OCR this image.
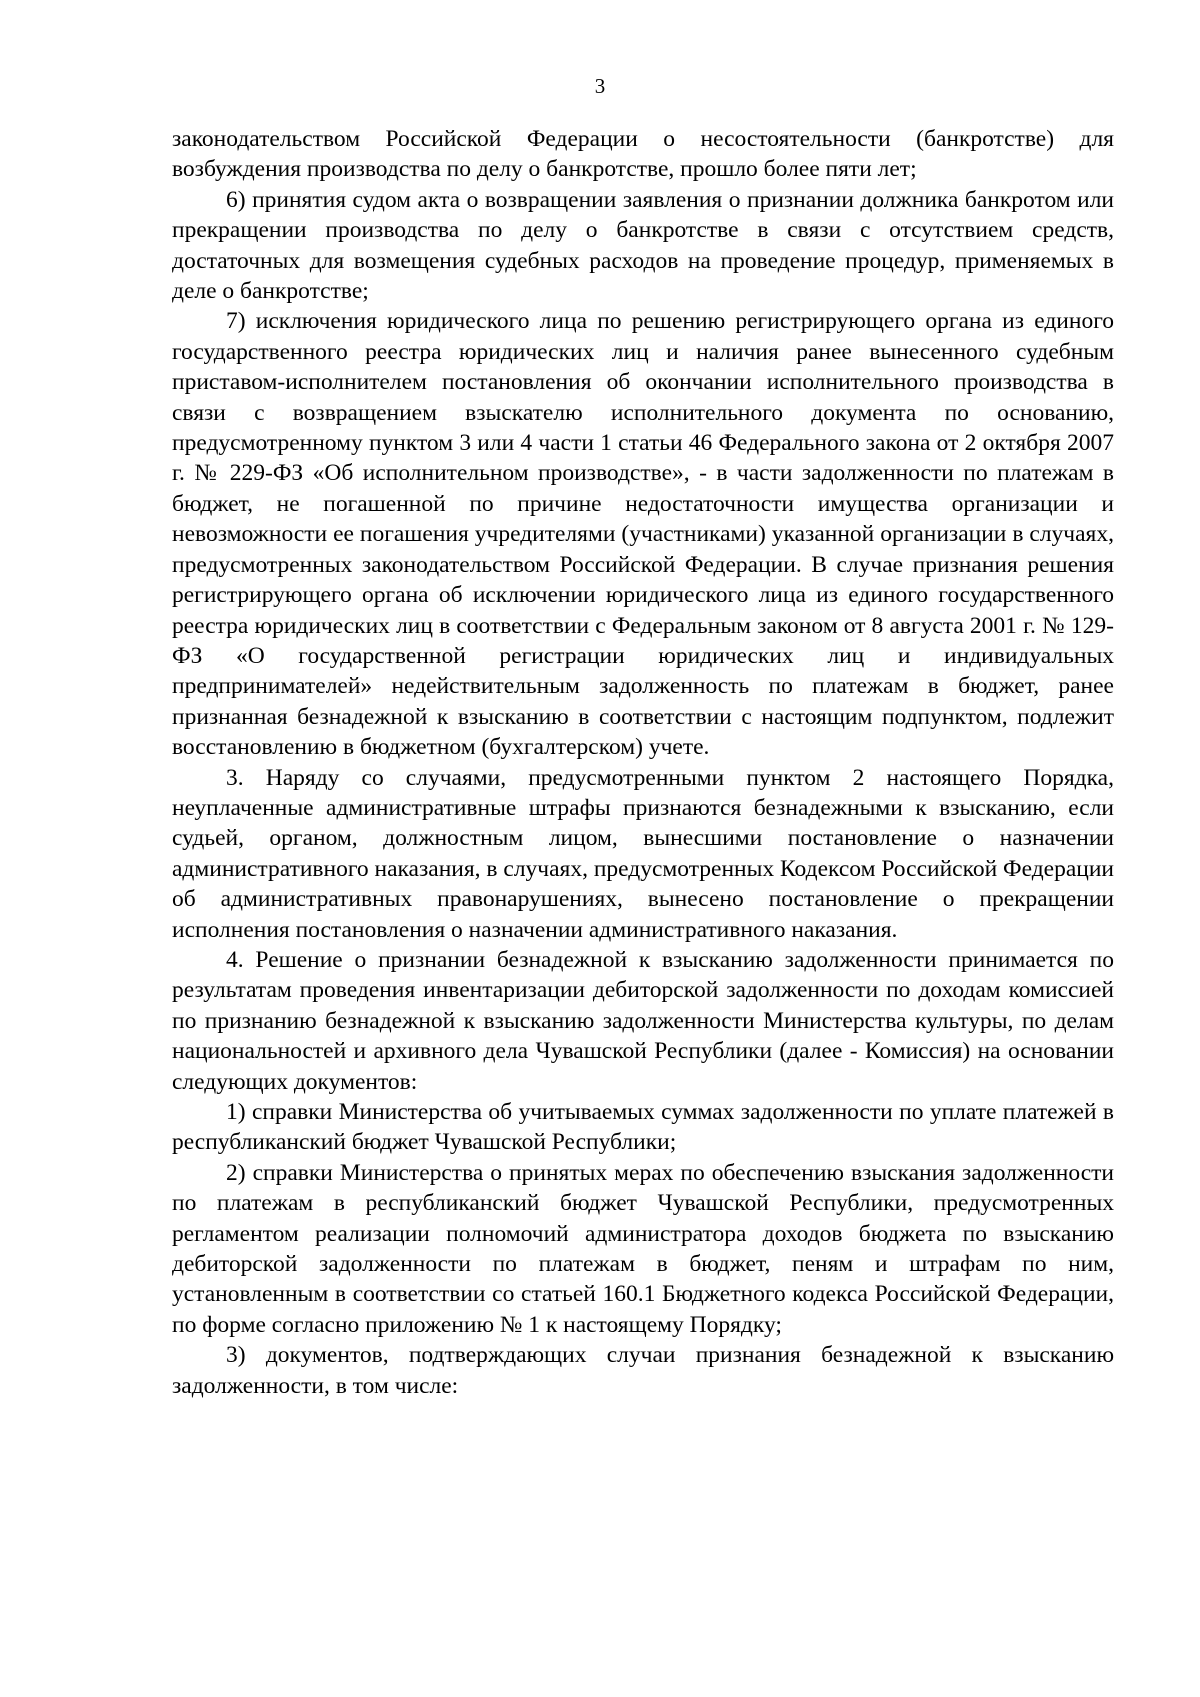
3

законодательством Российской Федерации о несостоятельности (банкротстве) для возбуждения производства по делу о банкротстве, прошло более пяти лет;

6) принятия судом акта о возвращении заявления о признании должника банкротом или прекращении производства по делу о банкротстве в связи с отсутствием средств, достаточных для возмещения судебных расходов на проведение процедур, применяемых в деле о банкротстве;

7) исключения юридического лица по решению регистрирующего органа из единого государственного реестра юридических лиц и наличия ранее вынесенного судебным приставом-исполнителем постановления об окончании исполнительного производства в связи с возвращением взыскателю исполнительного документа по основанию, предусмотренному пунктом 3 или 4 части 1 статьи 46 Федерального закона от 2 октября 2007 г. № 229-ФЗ «Об исполнительном производстве», - в части задолженности по платежам в бюджет, не погашенной по причине недостаточности имущества организации и невозможности ее погашения учредителями (участниками) указанной организации в случаях, предусмотренных законодательством Российской Федерации. В случае признания решения регистрирующего органа об исключении юридического лица из единого государственного реестра юридических лиц в соответствии с Федеральным законом от 8 августа 2001 г. № 129-ФЗ «О государственной регистрации юридических лиц и индивидуальных предпринимателей» недействительным задолженность по платежам в бюджет, ранее признанная безнадежной к взысканию в соответствии с настоящим подпунктом, подлежит восстановлению в бюджетном (бухгалтерском) учете.

3. Наряду со случаями, предусмотренными пунктом 2 настоящего Порядка, неуплаченные административные штрафы признаются безнадежными к взысканию, если судьей, органом, должностным лицом, вынесшими постановление о назначении административного наказания, в случаях, предусмотренных Кодексом Российской Федерации об административных правонарушениях, вынесено постановление о прекращении исполнения постановления о назначении административного наказания.

4. Решение о признании безнадежной к взысканию задолженности принимается по результатам проведения инвентаризации дебиторской задолженности по доходам комиссией по признанию безнадежной к взысканию задолженности Министерства культуры, по делам национальностей и архивного дела Чувашской Республики (далее - Комиссия) на основании следующих документов:

1) справки Министерства об учитываемых суммах задолженности по уплате платежей в республиканский бюджет Чувашской Республики;

2) справки Министерства о принятых мерах по обеспечению взыскания задолженности по платежам в республиканский бюджет Чувашской Республики, предусмотренных регламентом реализации полномочий администратора доходов бюджета по взысканию дебиторской задолженности по платежам в бюджет, пеням и штрафам по ним, установленным в соответствии со статьей 160.1 Бюджетного кодекса Российской Федерации, по форме согласно приложению № 1 к настоящему Порядку;

3) документов, подтверждающих случаи признания безнадежной к взысканию задолженности, в том числе:
